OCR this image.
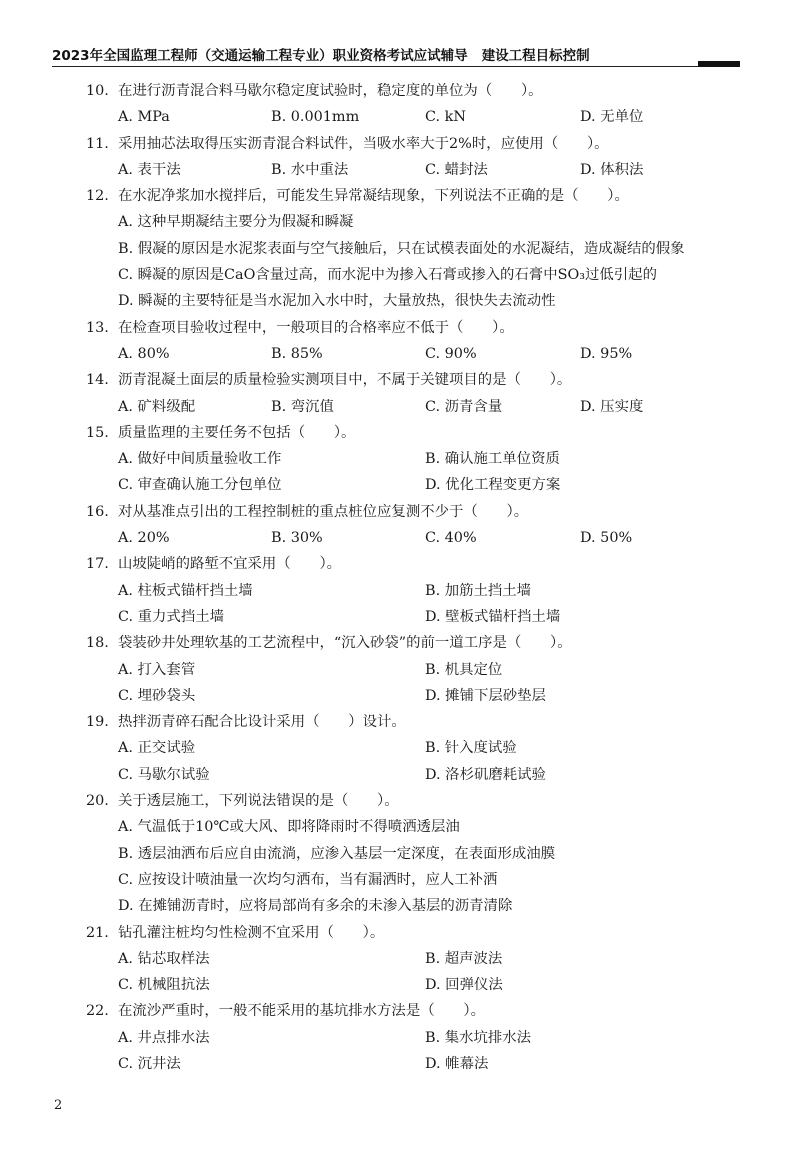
2023年全国监理工程师（交通运输工程专业）职业资格考试应试辅导 建设工程目标控制
10. 在进行沥青混合料马歇尔稳定度试验时，稳定度的单位为（　　）。
A. MPa	B. 0.001mm	C. kN	D. 无单位
11. 采用抽芯法取得压实沥青混合料试件，当吸水率大于2%时，应使用（　　）。
A. 表干法	B. 水中重法	C. 蜡封法	D. 体积法
12. 在水泥净浆加水搅拌后，可能发生异常凝结现象，下列说法不正确的是（　　）。
A. 这种早期凝结主要分为假凝和瞬凝
B. 假凝的原因是水泥浆表面与空气接触后，只在试模表面处的水泥凝结，造成凝结的假象
C. 瞬凝的原因是CaO含量过高，而水泥中为掺入石膏或掺入的石膏中SO₃过低引起的
D. 瞬凝的主要特征是当水泥加入水中时，大量放热，很快失去流动性
13. 在检查项目验收过程中，一般项目的合格率应不低于（　　）。
A. 80%	B. 85%	C. 90%	D. 95%
14. 沥青混凝土面层的质量检验实测项目中，不属于关键项目的是（　　）。
A. 矿料级配	B. 弯沉值	C. 沥青含量	D. 压实度
15. 质量监理的主要任务不包括（　　）。
A. 做好中间质量验收工作	B. 确认施工单位资质
C. 审查确认施工分包单位	D. 优化工程变更方案
16. 对从基准点引出的工程控制桩的重点桩位应复测不少于（　　）。
A. 20%	B. 30%	C. 40%	D. 50%
17. 山坡陡峭的路堑不宜采用（　　）。
A. 柱板式锚杆挡土墙	B. 加筋土挡土墙
C. 重力式挡土墙	D. 壁板式锚杆挡土墙
18. 袋装砂井处理软基的工艺流程中，“沉入砂袋”的前一道工序是（　　）。
A. 打入套管	B. 机具定位
C. 埋砂袋头	D. 摊铺下层砂垫层
19. 热拌沥青碎石配合比设计采用（　　）设计。
A. 正交试验	B. 针入度试验
C. 马歇尔试验	D. 洛杉矶磨耗试验
20. 关于透层施工，下列说法错误的是（　　）。
A. 气温低于10℃或大风、即将降雨时不得喷洒透层油
B. 透层油洒布后应自由流淌，应渗入基层一定深度，在表面形成油膜
C. 应按设计喷油量一次均匀洒布，当有漏洒时，应人工补洒
D. 在摊铺沥青时，应将局部尚有多余的未渗入基层的沥青清除
21. 钻孔灌注桩均匀性检测不宜采用（　　）。
A. 钻芯取样法	B. 超声波法
C. 机械阻抗法	D. 回弹仪法
22. 在流沙严重时，一般不能采用的基坑排水方法是（　　）。
A. 井点排水法	B. 集水坑排水法
C. 沉井法	D. 帷幕法
2
